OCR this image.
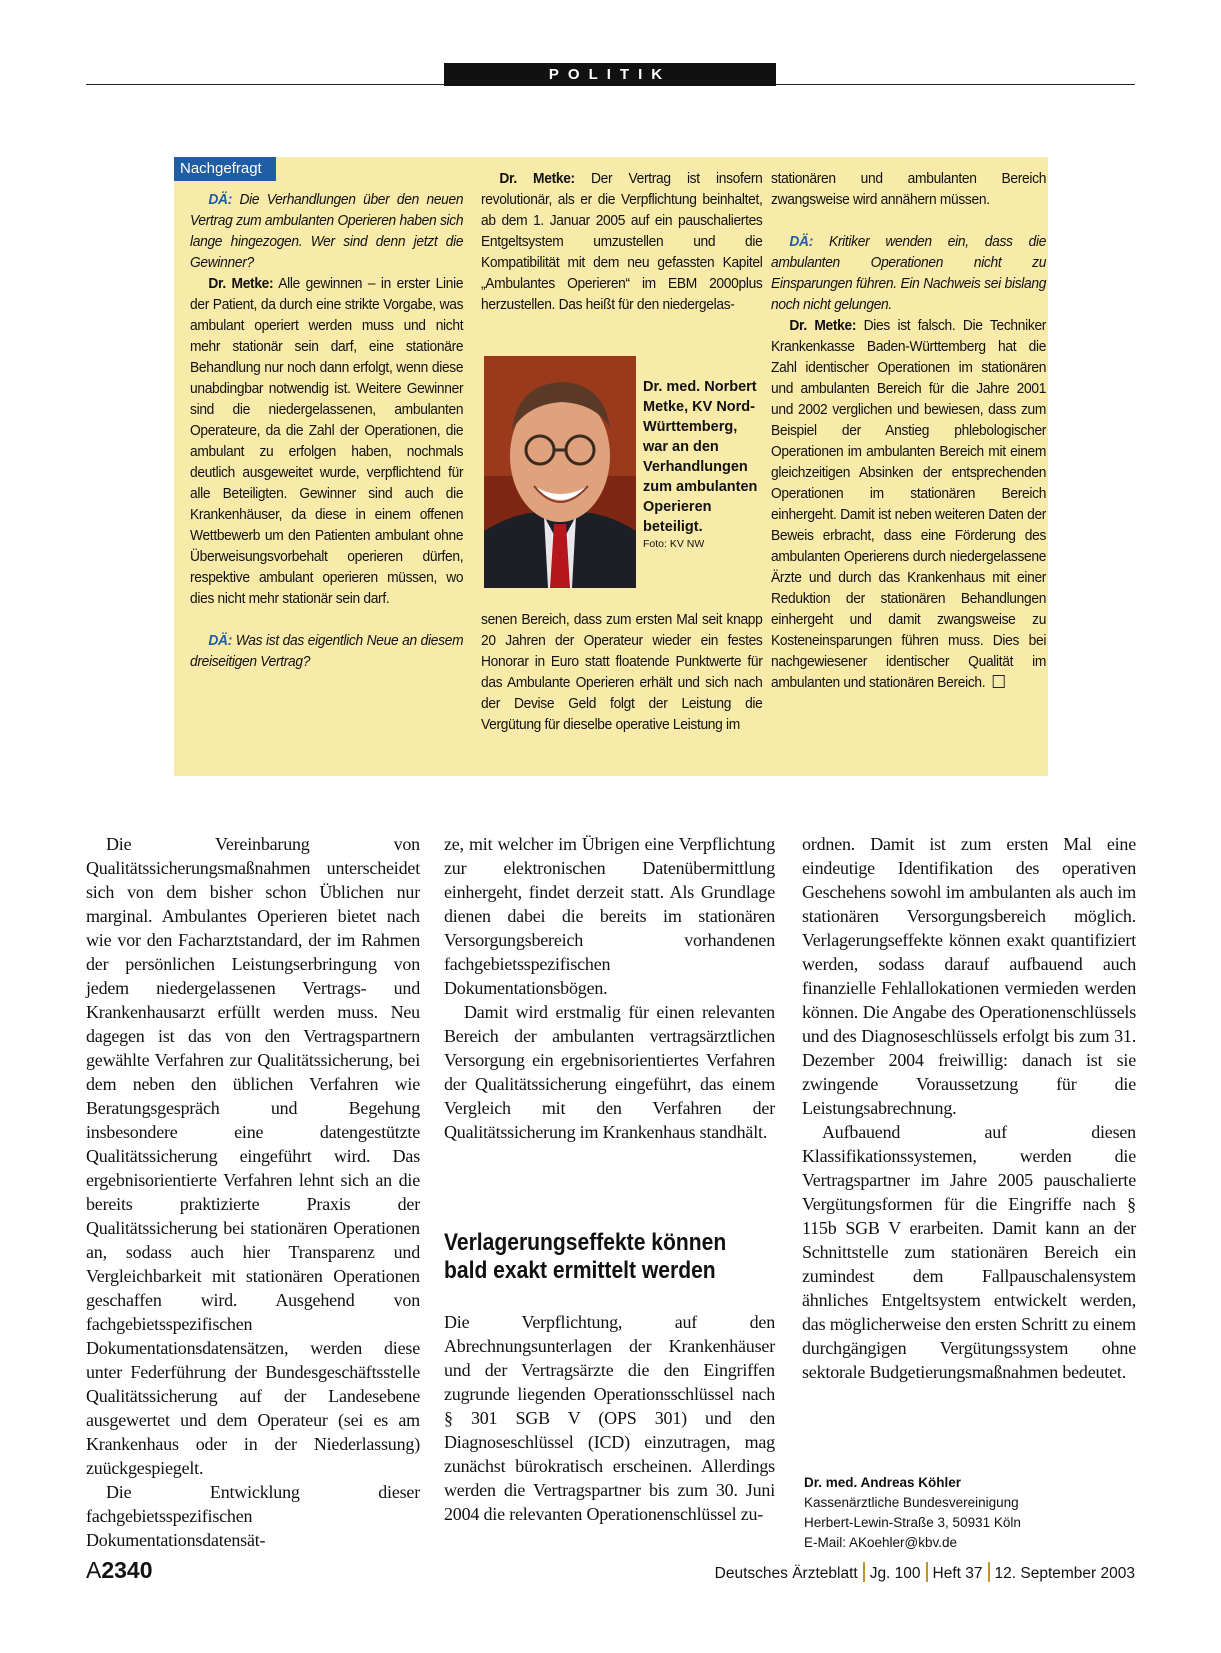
POLITIK
Nachgefragt

DÄ: Die Verhandlungen über den neuen Vertrag zum ambulanten Operieren haben sich lange hingezogen. Wer sind denn jetzt die Gewinner?

Dr. Metke: Alle gewinnen – in erster Linie der Patient, da durch eine strikte Vorgabe, was ambulant operiert werden muss und nicht mehr stationär sein darf, eine stationäre Behandlung nur noch dann erfolgt, wenn diese unabdingbar notwendig ist. Weitere Gewinner sind die niedergelassenen, ambulanten Operateure, da die Zahl der Operationen, die ambulant zu erfolgen haben, nochmals deutlich ausgeweitet wurde, verpflichtend für alle Beteiligten. Gewinner sind auch die Krankenhäuser, da diese in einem offenen Wettbewerb um den Patienten ambulant ohne Überweisungsvorbehalt operieren dürfen, respektive ambulant operieren müssen, wo dies nicht mehr stationär sein darf.

DÄ: Was ist das eigentlich Neue an diesem dreiseitigen Vertrag?

Dr. Metke: Der Vertrag ist insofern revolutionär, als er die Verpflichtung beinhaltet, ab dem 1. Januar 2005 auf ein pauschaliertes Entgeltsystem umzustellen und die Kompatibilität mit dem neu gefassten Kapitel „Ambulantes Operieren“ im EBM 2000plus herzustellen. Das heißt für den niedergelas-

Dr. med. Norbert Metke, KV Nord-Württemberg, war an den Verhandlungen zum ambulanten Operieren beteiligt.
Foto: KV NW

senen Bereich, dass zum ersten Mal seit knapp 20 Jahren der Operateur wieder ein festes Honorar in Euro statt floatende Punktwerte für das Ambulante Operieren erhält und sich nach der Devise Geld folgt der Leistung die Vergütung für dieselbe operative Leistung im

stationären und ambulanten Bereich zwangsweise wird annähern müssen.

DÄ: Kritiker wenden ein, dass die ambulanten Operationen nicht zu Einsparungen führen. Ein Nachweis sei bislang noch nicht gelungen.

Dr. Metke: Dies ist falsch. Die Techniker Krankenkasse Baden-Württemberg hat die Zahl identischer Operationen im stationären und ambulanten Bereich für die Jahre 2001 und 2002 verglichen und bewiesen, dass zum Beispiel der Anstieg phlebologischer Operationen im ambulanten Bereich mit einem gleichzeitigen Absinken der entsprechenden Operationen im stationären Bereich einhergeht. Damit ist neben weiteren Daten der Beweis erbracht, dass eine Förderung des ambulanten Operierens durch niedergelassene Ärzte und durch das Krankenhaus mit einer Reduktion der stationären Behandlungen einhergeht und damit zwangsweise zu Kosteneinsparungen führen muss. Dies bei nachgewiesener identischer Qualität im ambulanten und stationären Bereich.

Die Vereinbarung von Qualitätssicherungsmaßnahmen unterscheidet sich von dem bisher schon Üblichen nur marginal. Ambulantes Operieren bietet nach wie vor den Facharztstandard, der im Rahmen der persönlichen Leistungserbringung von jedem niedergelassenen Vertrags- und Krankenhausarzt erfüllt werden muss. Neu dagegen ist das von den Vertragspartnern gewählte Verfahren zur Qualitätssicherung, bei dem neben den üblichen Verfahren wie Beratungsgespräch und Begehung insbesondere eine datengestützte Qualitätssicherung eingeführt wird. Das ergebnisorientierte Verfahren lehnt sich an die bereits praktizierte Praxis der Qualitätssicherung bei stationären Operationen an, sodass auch hier Transparenz und Vergleichbarkeit mit stationären Operationen geschaffen wird. Ausgehend von fachgebietsspezifischen Dokumentationsdatensätzen, werden diese unter Federführung der Bundesgeschäftsstelle Qualitätssicherung auf der Landesebene ausgewertet und dem Operateur (sei es am Krankenhaus oder in der Niederlassung) zuückgespiegelt.

Die Entwicklung dieser fachgebietsspezifischen Dokumentationsdatensät-

ze, mit welcher im Übrigen eine Verpflichtung zur elektronischen Datenübermittlung einhergeht, findet derzeit statt. Als Grundlage dienen dabei die bereits im stationären Versorgungsbereich vorhandenen fachgebietsspezifischen Dokumentationsbögen.

Damit wird erstmalig für einen relevanten Bereich der ambulanten vertragsärztlichen Versorgung ein ergebnisorientiertes Verfahren der Qualitätssicherung eingeführt, das einem Vergleich mit den Verfahren der Qualitätssicherung im Krankenhaus standhält.

Verlagerungseffekte können bald exakt ermittelt werden

Die Verpflichtung, auf den Abrechnungsunterlagen der Krankenhäuser und der Vertragsärzte die den Eingriffen zugrunde liegenden Operationsschlüssel nach § 301 SGB V (OPS 301) und den Diagnoseschlüssel (ICD) einzutragen, mag zunächst bürokratisch erscheinen. Allerdings werden die Vertragspartner bis zum 30. Juni 2004 die relevanten Operationenschlüssel zu-

ordnen. Damit ist zum ersten Mal eine eindeutige Identifikation des operativen Geschehens sowohl im ambulanten als auch im stationären Versorgungsbereich möglich. Verlagerungseffekte können exakt quantifiziert werden, sodass darauf aufbauend auch finanzielle Fehlallokationen vermieden werden können. Die Angabe des Operationenschlüssels und des Diagnoseschlüssels erfolgt bis zum 31. Dezember 2004 freiwillig: danach ist sie zwingende Voraussetzung für die Leistungsabrechnung.

Aufbauend auf diesen Klassifikationssystemen, werden die Vertragspartner im Jahre 2005 pauschalierte Vergütungsformen für die Eingriffe nach § 115b SGB V erarbeiten. Damit kann an der Schnittstelle zum stationären Bereich ein zumindest dem Fallpauschalensystem ähnliches Entgeltsystem entwickelt werden, das möglicherweise den ersten Schritt zu einem durchgängigen Vergütungssystem ohne sektorale Budgetierungsmaßnahmen bedeutet.

Dr. med. Andreas Köhler
Kassenärztliche Bundesvereinigung
Herbert-Lewin-Straße 3, 50931 Köln
E-Mail: AKoehler@kbv.de
A2340	Deutsches Ärzteblatt Jg. 100 Heft 37 12. September 2003
